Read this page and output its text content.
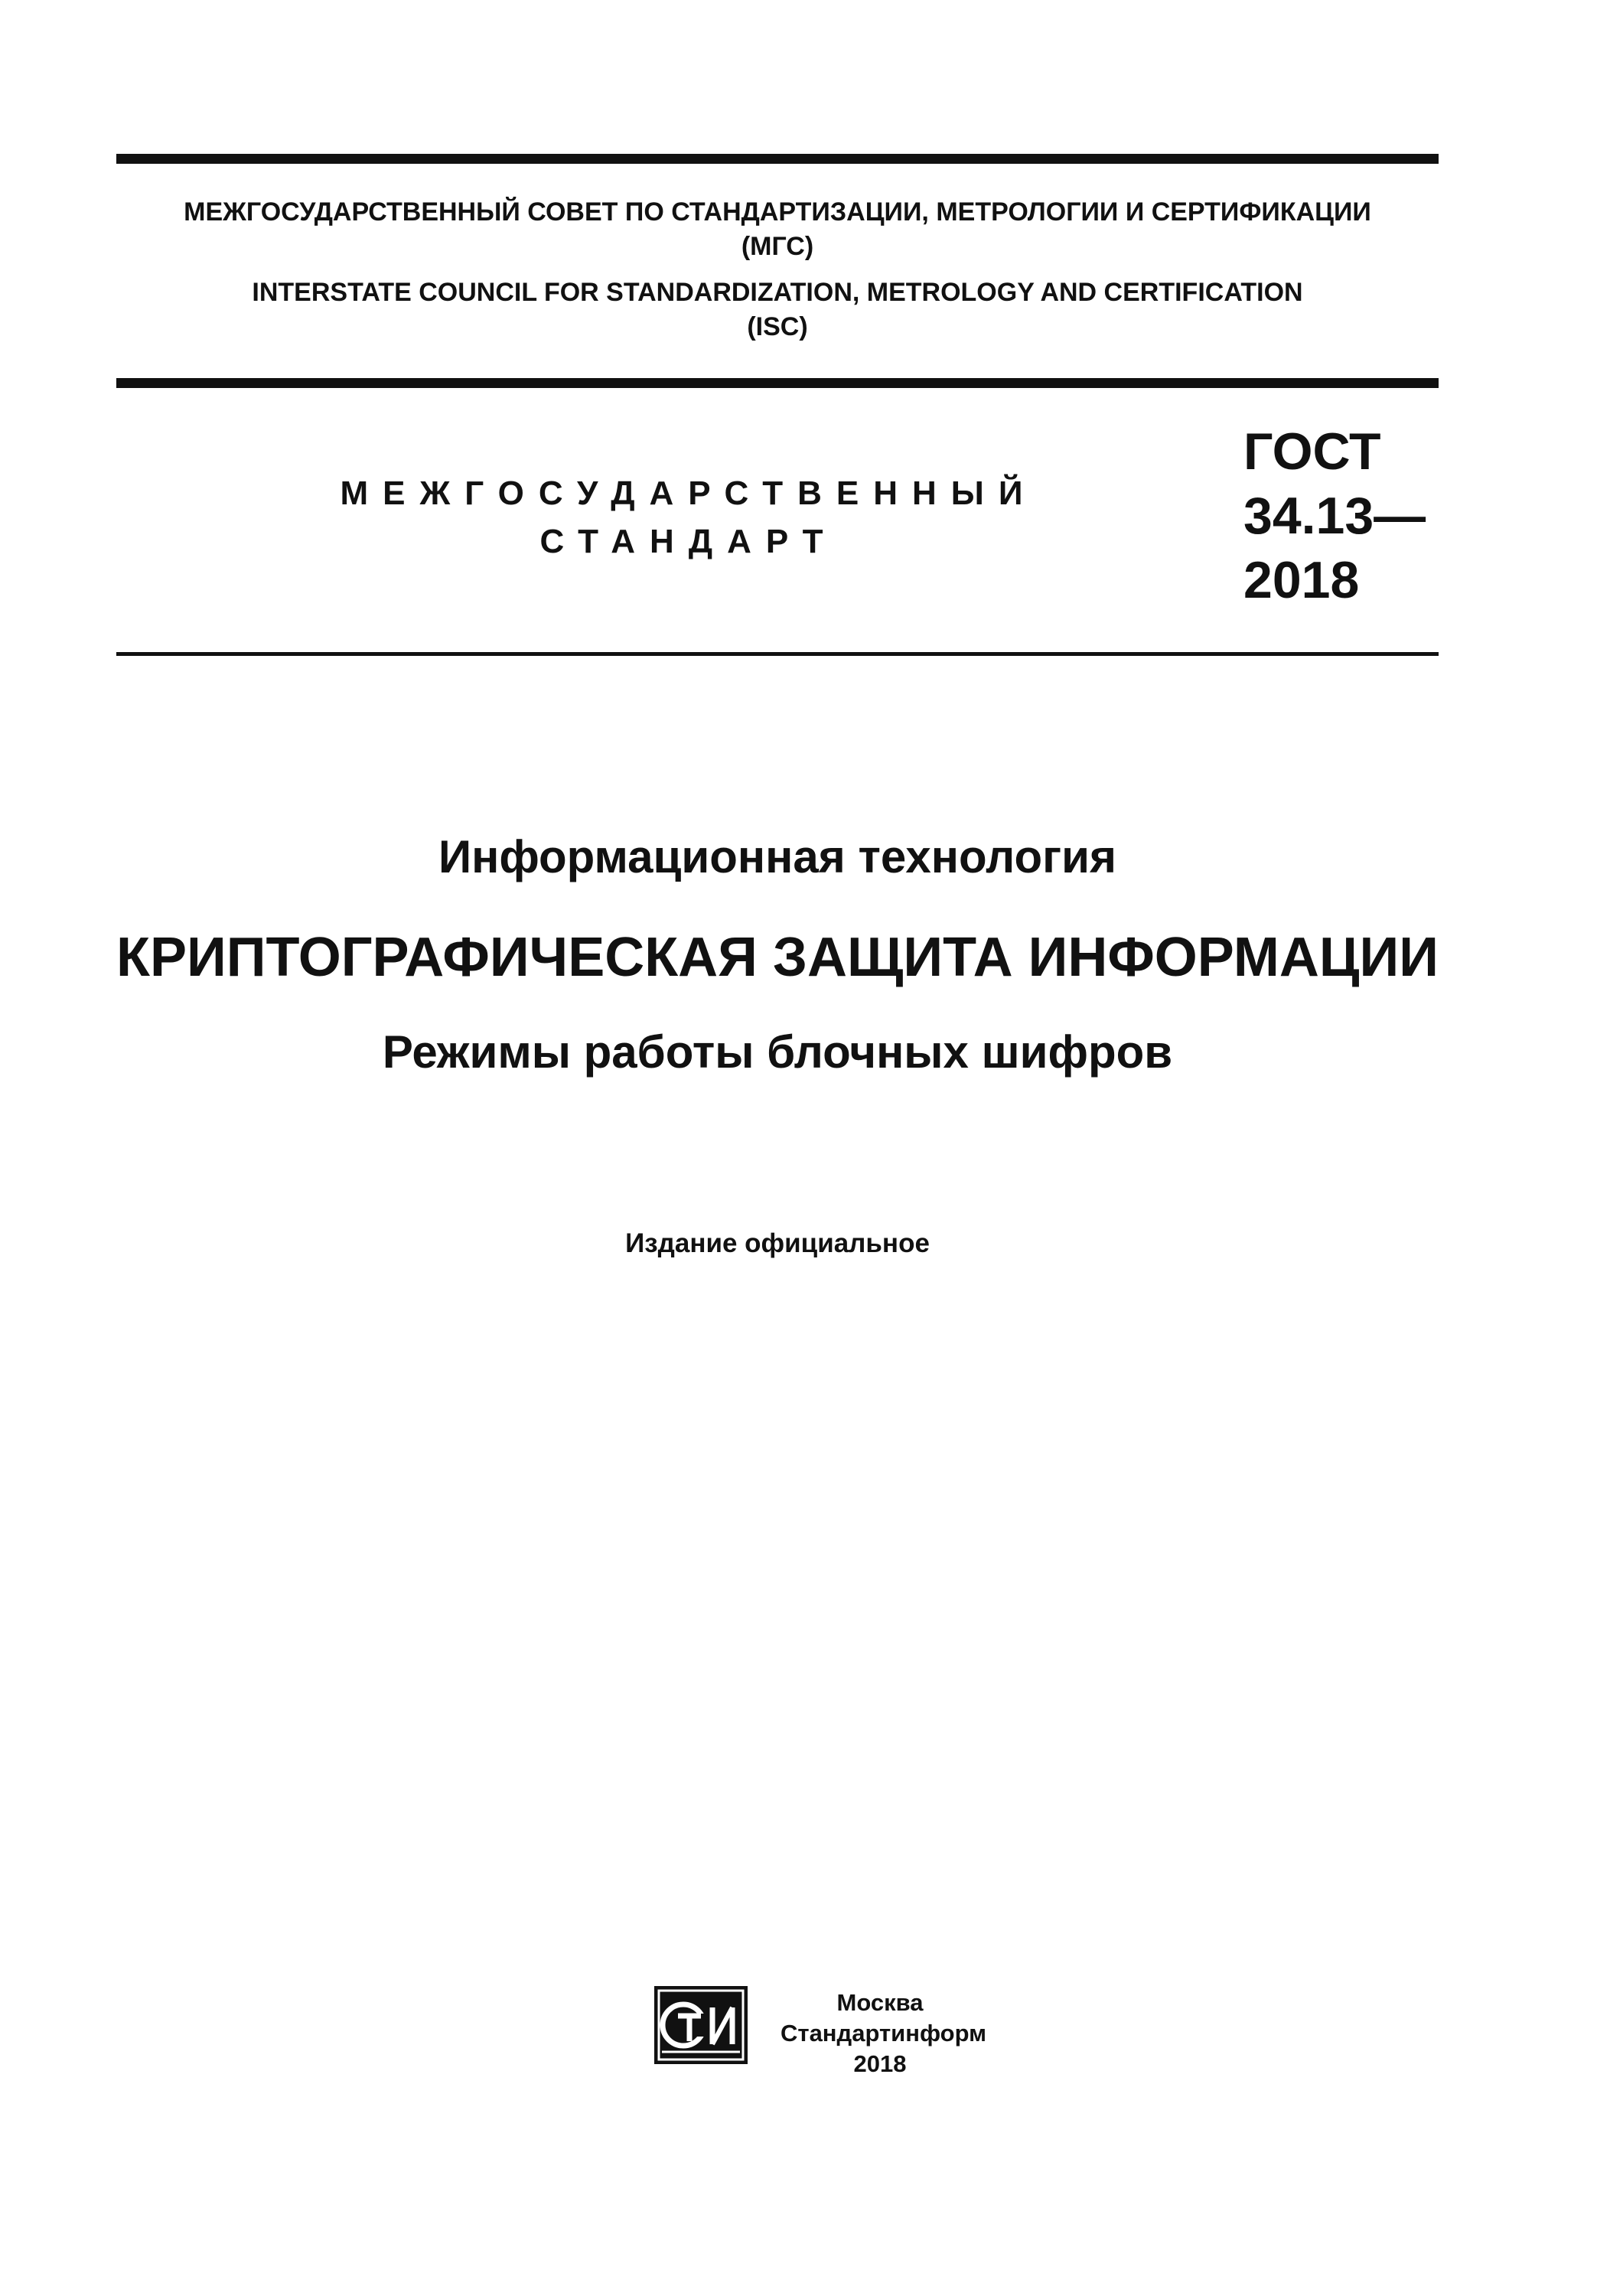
МЕЖГОСУДАРСТВЕННЫЙ СОВЕТ ПО СТАНДАРТИЗАЦИИ, МЕТРОЛОГИИ И СЕРТИФИКАЦИИ
(МГС)
INTERSTATE COUNCIL FOR STANDARDIZATION, METROLOGY AND CERTIFICATION
(ISC)
МЕЖГОСУДАРСТВЕННЫЙ
СТАНДАРТ
ГОСТ
34.13—
2018
Информационная технология
КРИПТОГРАФИЧЕСКАЯ ЗАЩИТА ИНФОРМАЦИИ
Режимы работы блочных шифров
Издание официальное
Москва
Стандартинформ
2018
